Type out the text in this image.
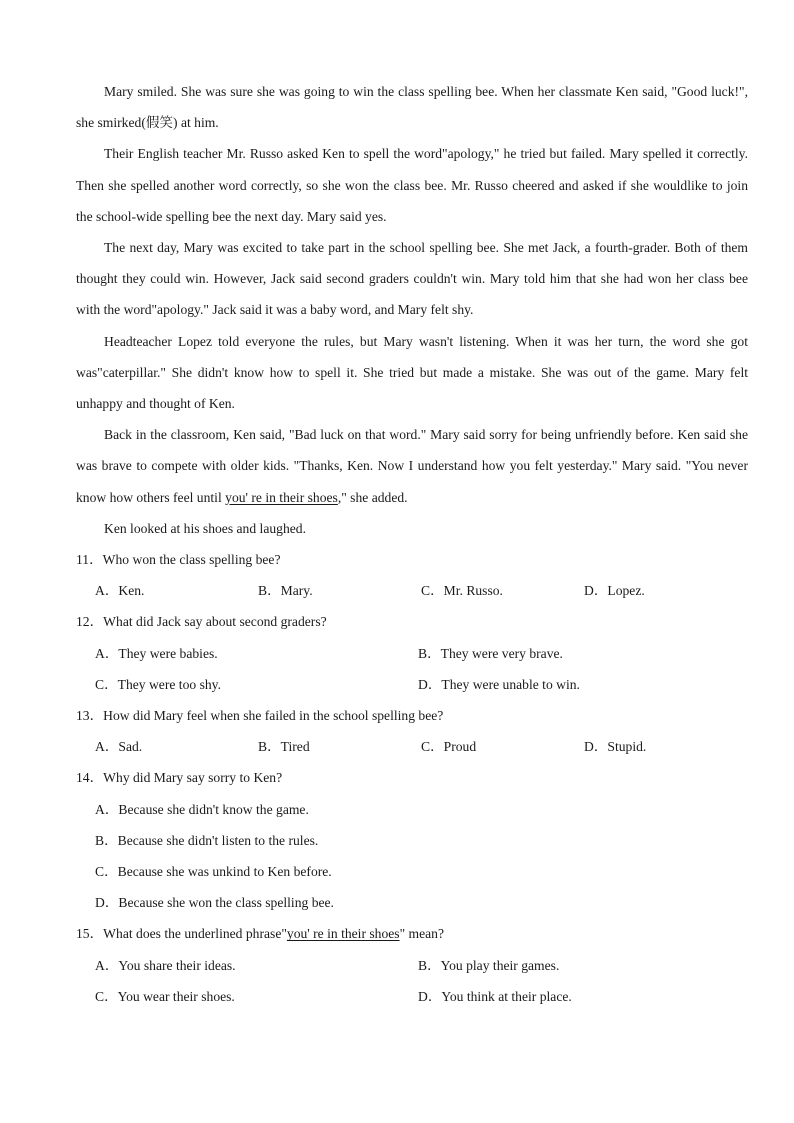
Mary smiled. She was sure she was going to win the class spelling bee. When her classmate Ken said, "Good luck!", she smirked(假笑) at him.

Their English teacher Mr. Russo asked Ken to spell the word"apology," he tried but failed. Mary spelled it correctly. Then she spelled another word correctly, so she won the class bee. Mr. Russo cheered and asked if she wouldlike to join the school-wide spelling bee the next day. Mary said yes.

The next day, Mary was excited to take part in the school spelling bee. She met Jack, a fourth-grader. Both of them thought they could win. However, Jack said second graders couldn't win. Mary told him that she had won her class bee with the word"apology." Jack said it was a baby word, and Mary felt shy.

Headteacher Lopez told everyone the rules, but Mary wasn't listening. When it was her turn, the word she got was"caterpillar." She didn't know how to spell it. She tried but made a mistake. She was out of the game. Mary felt unhappy and thought of Ken.

Back in the classroom, Ken said, "Bad luck on that word." Mary said sorry for being unfriendly before. Ken said she was brave to compete with older kids. "Thanks, Ken. Now I understand how you felt yesterday." Mary said. "You never know how others feel until you' re in their shoes," she added.

Ken looked at his shoes and laughed.

11．Who won the class spelling bee?

A．Ken.	B．Mary.	C．Mr. Russo.	D．Lopez.

12．What did Jack say about second graders?

A．They were babies.	B．They were very brave.
C．They were too shy.	D．They were unable to win.

13．How did Mary feel when she failed in the school spelling bee?

A．Sad.	B．Tired	C．Proud	D．Stupid.

14．Why did Mary say sorry to Ken?

A．Because she didn't know the game.
B．Because she didn't listen to the rules.
C．Because she was unkind to Ken before.
D．Because she won the class spelling bee.

15．What does the underlined phrase"you' re in their shoes" mean?

A．You share their ideas.	B．You play their games.
C．You wear their shoes.	D．You think at their place.
